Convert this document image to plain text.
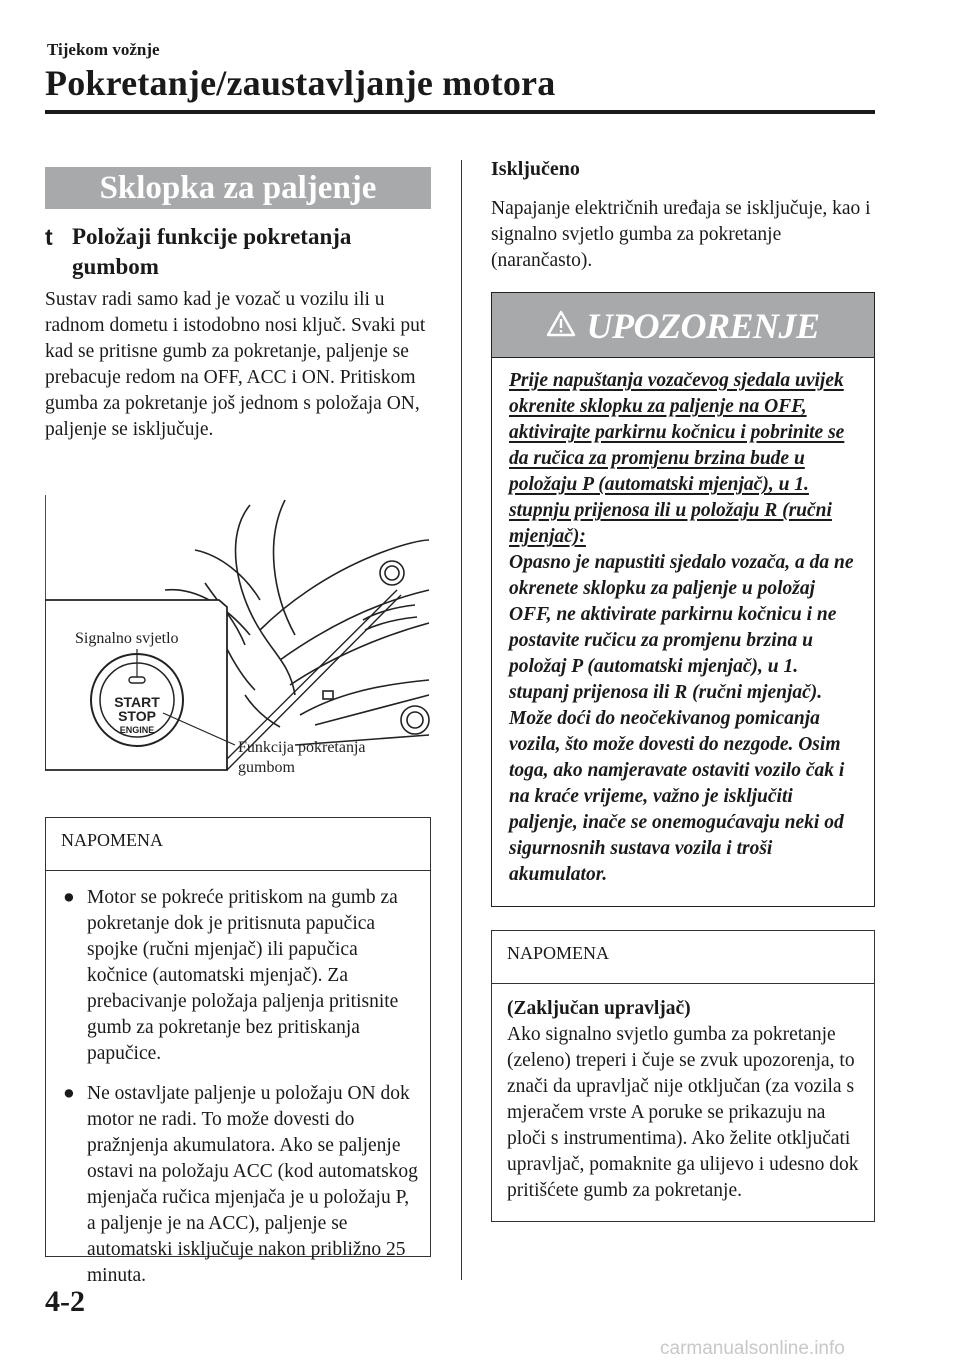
Tijekom vožnje
Pokretanje/zaustavljanje motora
Sklopka za paljenje
t Položaji funkcije pokretanja gumbom
Sustav radi samo kad je vozač u vozilu ili u radnom dometu i istodobno nosi ključ. Svaki put kad se pritisne gumb za pokretanje, paljenje se prebacuje redom na OFF, ACC i ON. Pritiskom gumba za pokretanje još jednom s položaja ON, paljenje se isključuje.
Signalno svjetlo
START
STOP
ENGINE
Funkcija pokretanja
gumbom
NAPOMENA
● Motor se pokreće pritiskom na gumb za pokretanje dok je pritisnuta papučica spojke (ručni mjenjač) ili papučica kočnice (automatski mjenjač). Za prebacivanje položaja paljenja pritisnite gumb za pokretanje bez pritiskanja papučice.
● Ne ostavljate paljenje u položaju ON dok motor ne radi. To može dovesti do pražnjenja akumulatora. Ako se paljenje ostavi na položaju ACC (kod automatskog mjenjača ručica mjenjača je u položaju P, a paljenje je na ACC), paljenje se automatski isključuje nakon približno 25 minuta.
Isključeno
Napajanje električnih uređaja se isključuje, kao i signalno svjetlo gumba za pokretanje (narančasto).
UPOZORENJE
Prije napuštanja vozačevog sjedala uvijek okrenite sklopku za paljenje na OFF, aktivirajte parkirnu kočnicu i pobrinite se da ručica za promjenu brzina bude u položaju P (automatski mjenjač), u 1. stupnju prijenosa ili u položaju R (ručni mjenjač):
Opasno je napustiti sjedalo vozača, a da ne okrenete sklopku za paljenje u položaj OFF, ne aktivirate parkirnu kočnicu i ne postavite ručicu za promjenu brzina u položaj P (automatski mjenjač), u 1. stupanj prijenosa ili R (ručni mjenjač). Može doći do neočekivanog pomicanja vozila, što može dovesti do nezgode. Osim toga, ako namjeravate ostaviti vozilo čak i na kraće vrijeme, važno je isključiti paljenje, inače se onemogućavaju neki od sigurnosnih sustava vozila i troši akumulator.
NAPOMENA
(Zaključan upravljač)
Ako signalno svjetlo gumba za pokretanje (zeleno) treperi i čuje se zvuk upozorenja, to znači da upravljač nije otključan (za vozila s mjeračem vrste A poruke se prikazuju na ploči s instrumentima). Ako želite otključati upravljač, pomaknite ga ulijevo i udesno dok pritišćete gumb za pokretanje.
4-2
carmanualsonline.info
